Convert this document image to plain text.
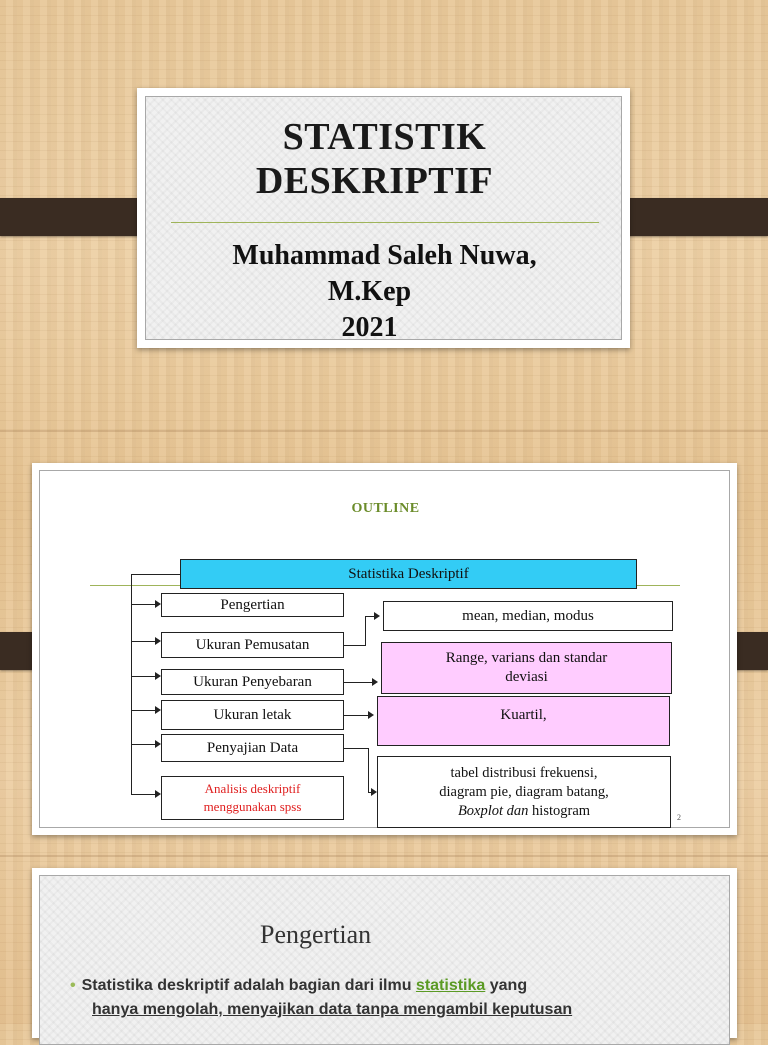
STATISTIK
DESKRIPTIF
Muhammad Saleh Nuwa,
M.Kep
2021
OUTLINE
Statistika Deskriptif
Pengertian
Ukuran Pemusatan
Ukuran Penyebaran
Ukuran letak
Penyajian Data
Analisis deskriptif
menggunakan spss
mean, median, modus
Range, varians dan standar
deviasi
Kuartil,
tabel distribusi frekuensi,
diagram pie, diagram batang,
Boxplot dan histogram	2
Pengertian
• Statistika deskriptif adalah bagian dari ilmu statistika yang
hanya mengolah, menyajikan data tanpa mengambil keputusan
